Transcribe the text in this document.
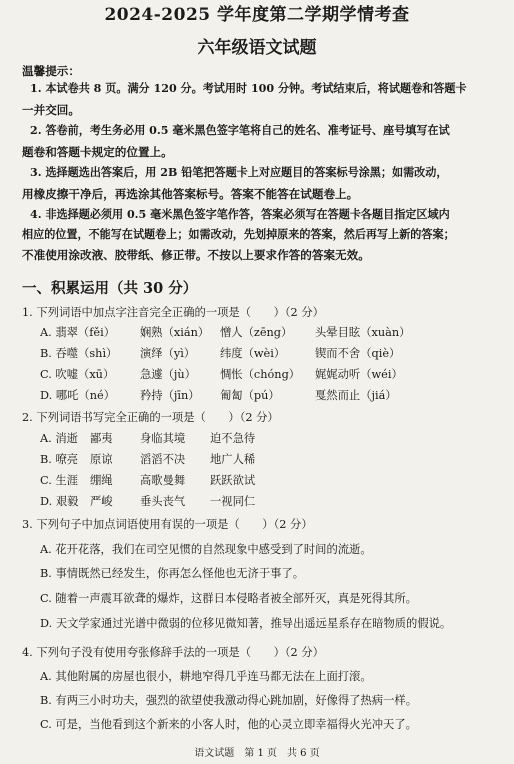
2024-2025 学年度第二学期学情考查
六年级语文试题
温馨提示：
1. 本试卷共 8 页。满分 120 分。考试用时 100 分钟。考试结束后，将试题卷和答题卡
一并交回。
2. 答卷前，考生务必用 0.5 毫米黑色签字笔将自己的姓名、准考证号、座号填写在试
题卷和答题卡规定的位置上。
3. 选择题选出答案后，用 2B 铅笔把答题卡上对应题目的答案标号涂黑；如需改动，
用橡皮擦干净后，再选涂其他答案标号。答案不能答在试题卷上。
4. 非选择题必须用 0.5 毫米黑色签字笔作答，答案必须写在答题卡各题目指定区域内
相应的位置，不能写在试题卷上；如需改动，先划掉原来的答案，然后再写上新的答案；
不准使用涂改液、胶带纸、修正带。不按以上要求作答的答案无效。
一、积累运用（共 30 分）
1. 下列词语中加点字注音完全正确的一项是（　　）（2 分）
A. 翡翠（fěi） 娴熟（xián） 憎人（zēng） 头晕目眩（xuàn）
B. 吞噬（shì） 演绎（yì） 纬度（wèi）	锲而不舍（qiè）
C. 吹嘘（xū） 急遽（jù） 惆怅（chóng） 娓娓动听（wéi）
D. 哪吒（né） 矜持（jīn） 匍匐（pú）	戛然而止（jiá）
2. 下列词语书写完全正确的一项是（　　）（2 分）
A. 消逝 鄙夷 身临其境 迫不急待
B. 嘹亮 原谅 滔滔不决 地广人稀
C. 生涯 绷绳 高歌曼舞 跃跃欲试
D. 艰毅 严峻 垂头丧气 一视同仁
3. 下列句子中加点词语使用有误的一项是（　　）（2 分）
A. 花开花落，我们在司空见惯的自然现象中感受到了时间的流逝。
B. 事情既然已经发生，你再怎么怪他也无济于事了。
C. 随着一声震耳欲聋的爆炸，这群日本侵略者被全部歼灭，真是死得其所。
D. 天文学家通过光谱中微弱的位移见微知著，推导出遥远星系存在暗物质的假说。
4. 下列句子没有使用夸张修辞手法的一项是（　　）（2 分）
A. 其他附属的房屋也很小，耕地窄得几乎连马都无法在上面打滚。
B. 有两三小时功夫，强烈的欲望使我激动得心跳加剧，好像得了热病一样。
C. 可是，当他看到这个新来的小客人时，他的心灵立即幸福得火光冲天了。
语文试题　第 1 页　共 6 页
